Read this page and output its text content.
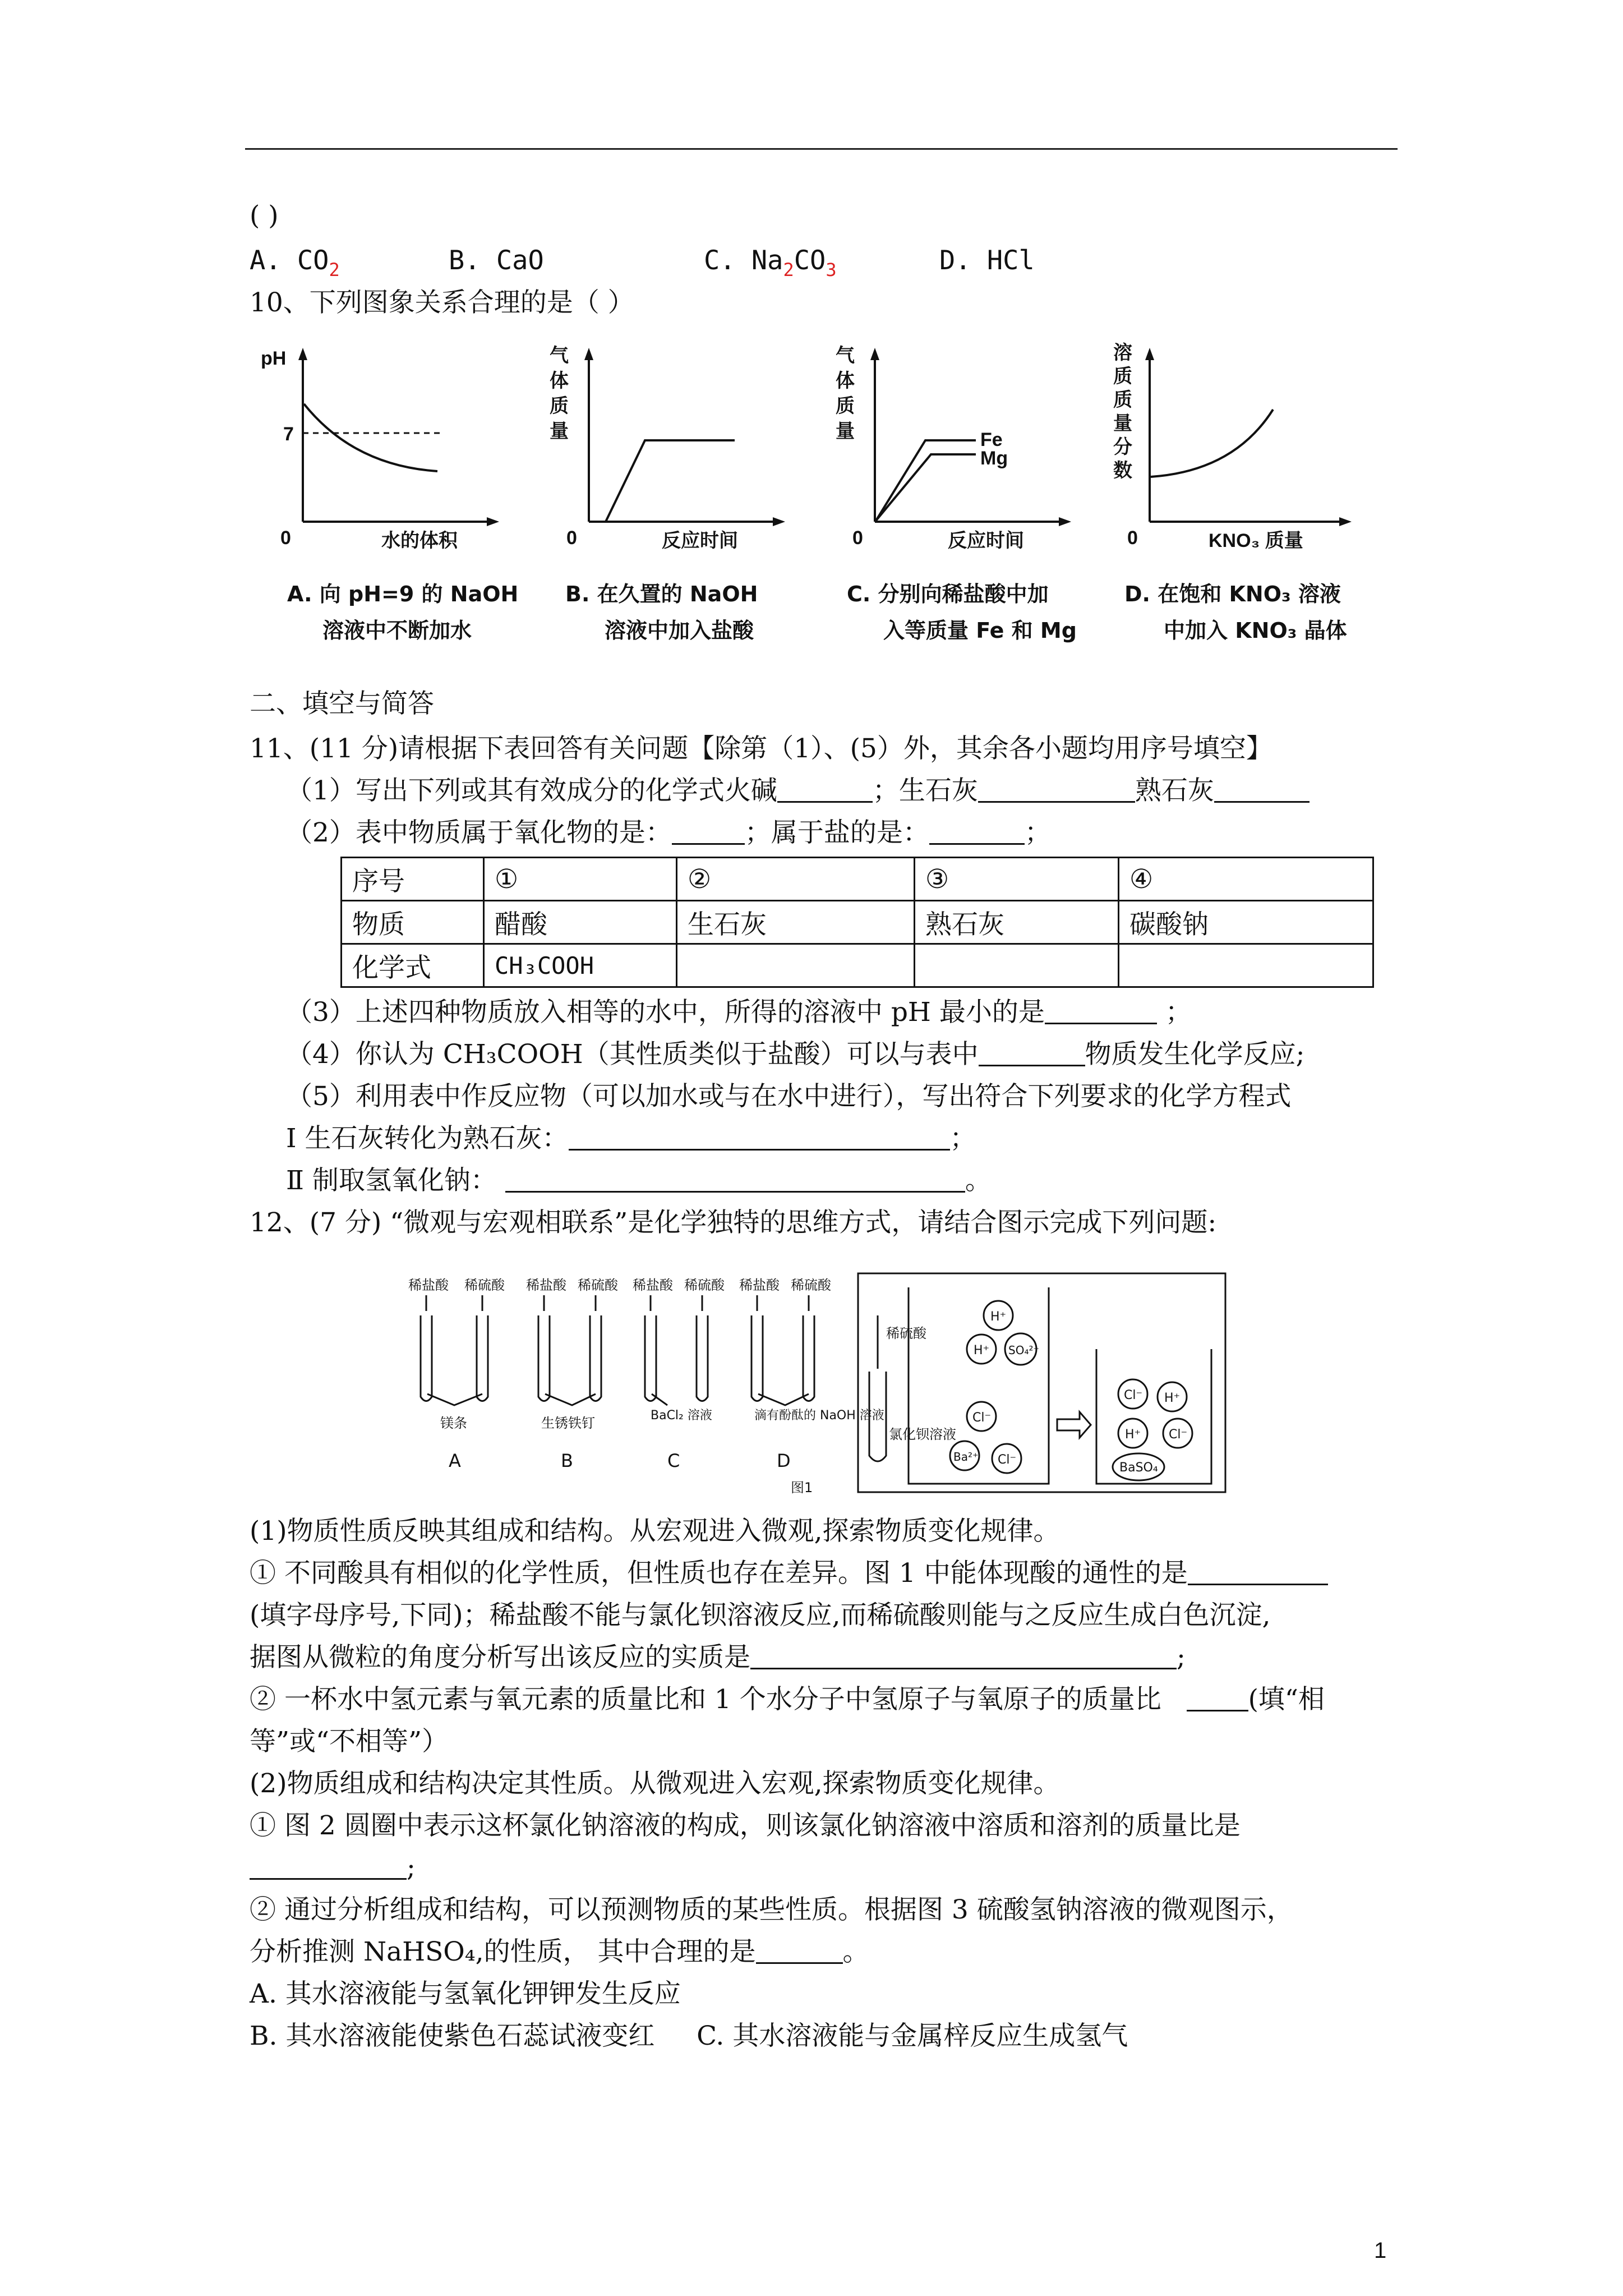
( )
A. $CO_2$	B. CaO	C. $Na_2CO_3$	D. HCl
10、下列图象关系合理的是（ ）
pH
7
0	水的体积
A. 向 pH=9 的 NaOH
溶液中不断加水
气
体
质
量
0	反应时间
B. 在久置的 NaOH
溶液中加入盐酸
气
体
质
量	Fe
Mg
0	反应时间
C. 分别向稀盐酸中加
入等质量 Fe 和 Mg
溶
质
质
量
分
数
0	KNO₃ 质量
D. 在饱和 KNO₃ 溶液
中加入 KNO₃ 晶体
二、填空与简答
11、(11 分)请根据下表回答有关问题【除第（1）、(5）外，其余各小题均用序号填空】
（1）写出下列或其有效成分的化学式火碱	；生石灰	熟石灰
（2）表中物质属于氧化物的是：	；属于盐的是：	；
序号	①	②	③	④
物质	醋酸	生石灰	熟石灰	碳酸钠
化学式	CH₃COOH			
（3）上述四种物质放入相等的水中，所得的溶液中 pH 最小的是	；
（4）你认为 CH₃COOH（其性质类似于盐酸）可以与表中	物质发生化学反应;
（5）利用表中作反应物（可以加水或与在水中进行），写出符合下列要求的化学方程式
Ⅰ 生石灰转化为熟石灰：	；
Ⅱ 制取氢氧化钠：	。
12、(7 分) “微观与宏观相联系”是化学独特的思维方式，请结合图示完成下列问题:
稀盐酸 稀硫酸 稀盐酸 稀硫酸 稀盐酸 稀硫酸 稀盐酸 稀硫酸
镁条	生锈铁钉	BaCl₂ 溶液	滴有酚酞的 NaOH 溶液
A	B	C	D
图1
稀硫酸
氯化钡溶液
H⁺
H⁺ SO₄²⁻
Cl⁻
Ba²⁺ Cl⁻
Cl⁻ H⁺
H⁺ Cl⁻
BaSO₄
(1)物质性质反映其组成和结构。从宏观进入微观,探索物质变化规律。
① 不同酸具有相似的化学性质，但性质也存在差异。图 1 中能体现酸的通性的是
(填字母序号,下同)；稀盐酸不能与氯化钡溶液反应,而稀硫酸则能与之反应生成白色沉淀,
据图从微粒的角度分析写出该反应的实质是	;
② 一杯水中氢元素与氧元素的质量比和 1 个水分子中氢原子与氧原子的质量比	(填“相
等”或“不相等”）
(2)物质组成和结构决定其性质。从微观进入宏观,探索物质变化规律。
① 图 2 圆圈中表示这杯氯化钠溶液的构成，则该氯化钠溶液中溶质和溶剂的质量比是
;
② 通过分析组成和结构，可以预测物质的某些性质。根据图 3 硫酸氢钠溶液的微观图示，
分析推测 NaHSO₄,的性质， 其中合理的是	。
A. 其水溶液能与氢氧化钾钾发生反应
B. 其水溶液能使紫色石蕊试液变红 C. 其水溶液能与金属梓反应生成氢气
1
